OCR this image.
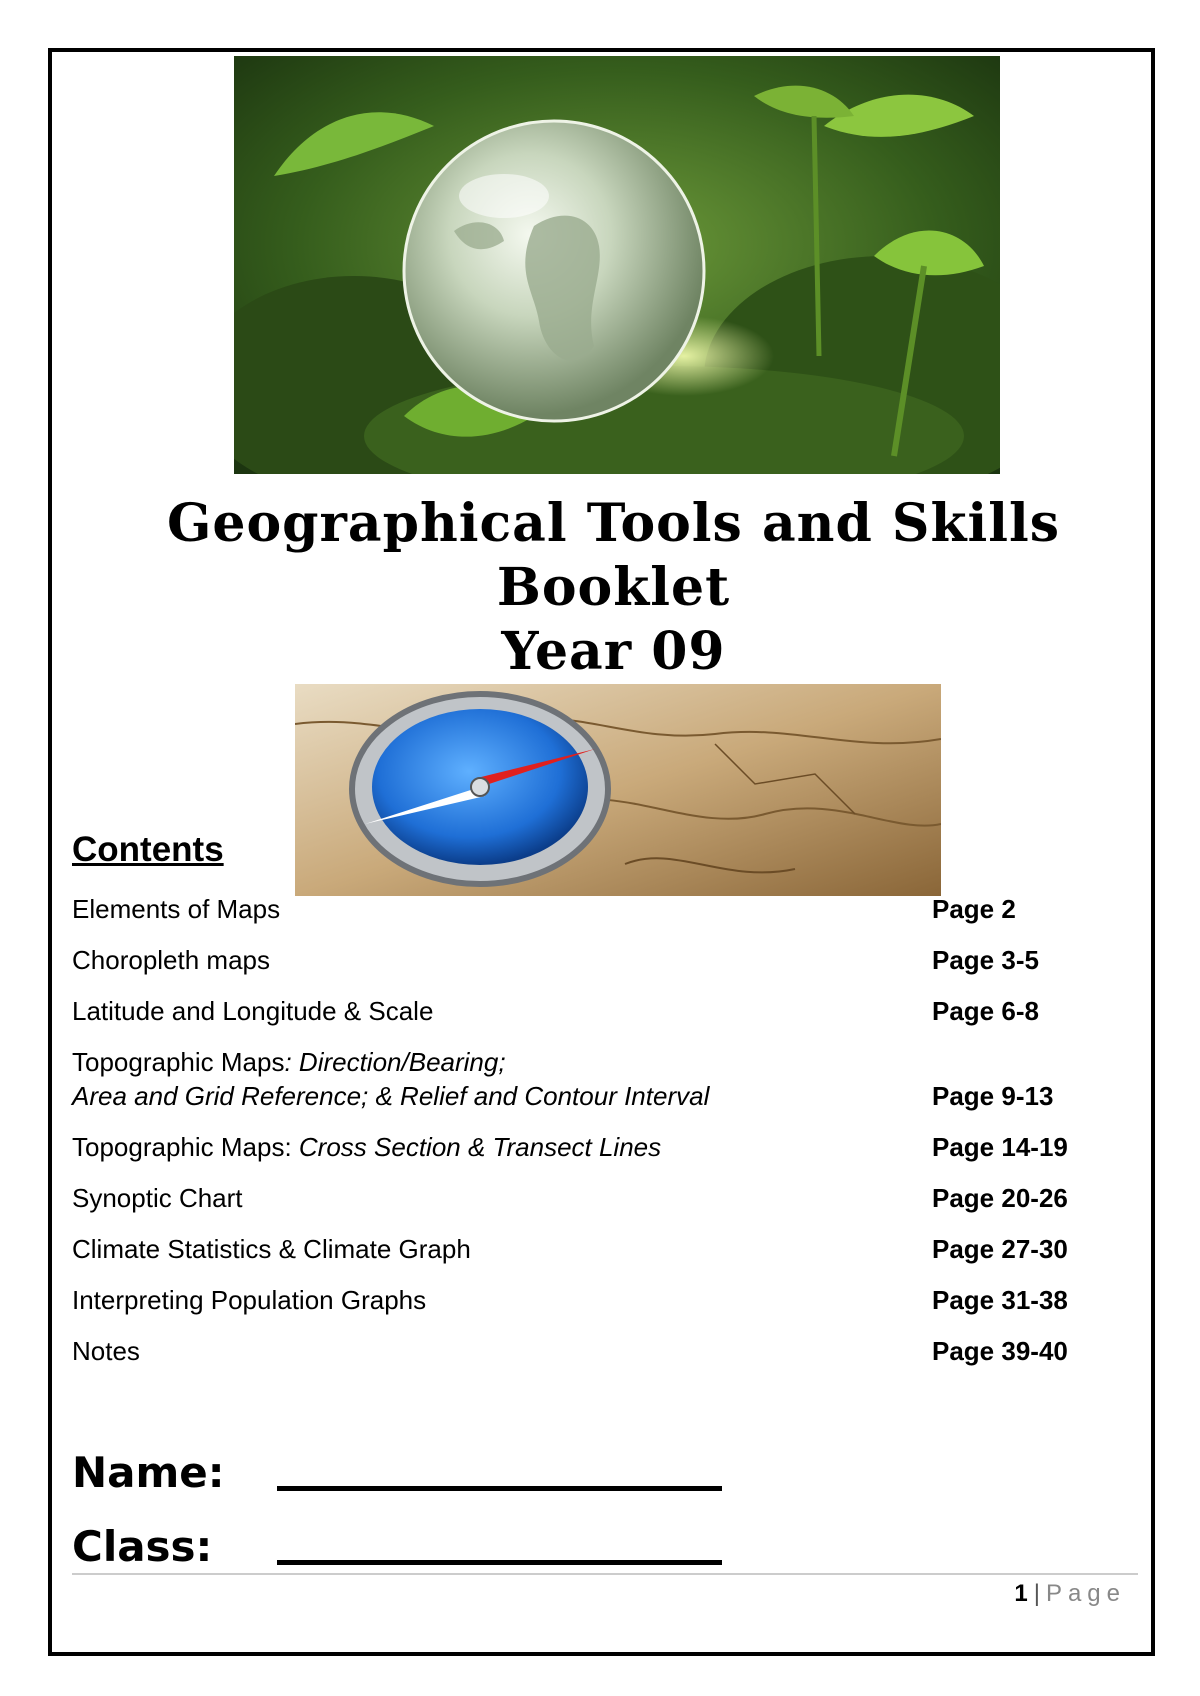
Geographical Tools and Skills
Booklet
Year 09
Contents
Elements of Maps	Page 2
Choropleth maps	Page 3-5
Latitude and Longitude & Scale	Page 6-8
Topographic Maps: Direction/Bearing;
Area and Grid Reference; & Relief and Contour Interval	Page 9-13
Topographic Maps: Cross Section & Transect Lines	Page 14-19
Synoptic Chart	Page 20-26
Climate Statistics & Climate Graph	Page 27-30
Interpreting Population Graphs	Page 31-38
Notes	Page 39-40
Name:
Class:
1 | Page
